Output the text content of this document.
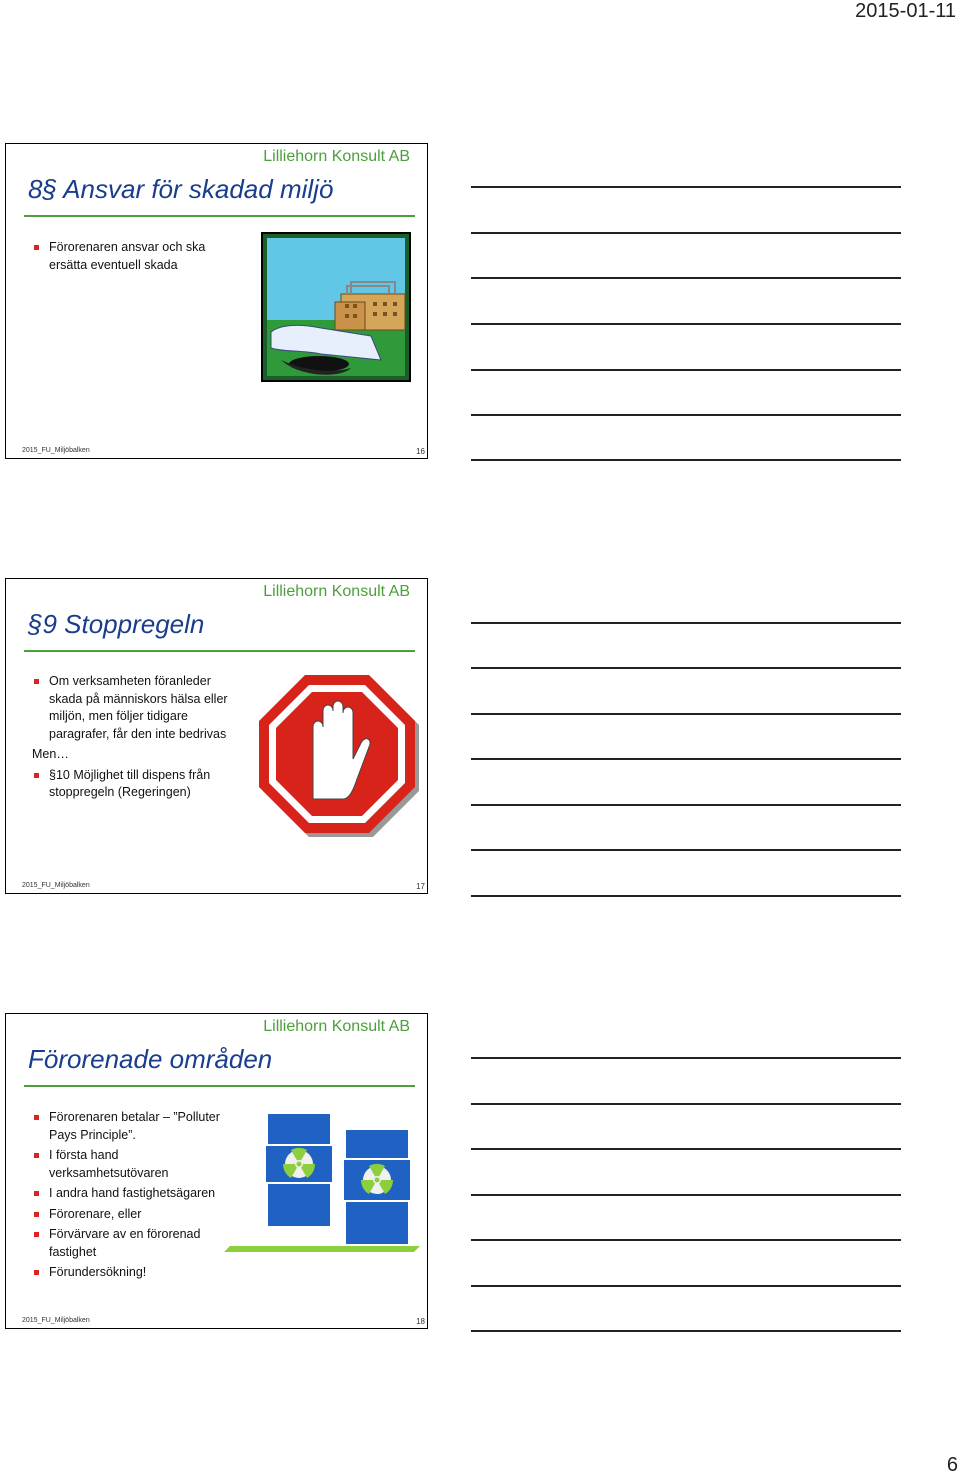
2015-01-11
Lilliehorn Konsult AB
8§ Ansvar för skadad miljö
Förorenaren ansvar och ska ersätta eventuell skada
2015_FU_Miljöbalken	16
Lilliehorn Konsult AB
§9 Stoppregeln
Om verksamheten föranleder skada på människors hälsa eller miljön, men följer tidigare paragrafer, får den inte bedrivas
Men…
§10 Möjlighet till dispens från stoppregeln (Regeringen)
2015_FU_Miljöbalken	17
Lilliehorn Konsult AB
Förorenade områden
Förorenaren betalar – ”Polluter Pays Principle”.
I första hand verksamhetsutövaren
I andra hand fastighetsägaren
Förorenare, eller
Förvärvare av en förorenad fastighet
Förundersökning!
2015_FU_Miljöbalken	18
6
